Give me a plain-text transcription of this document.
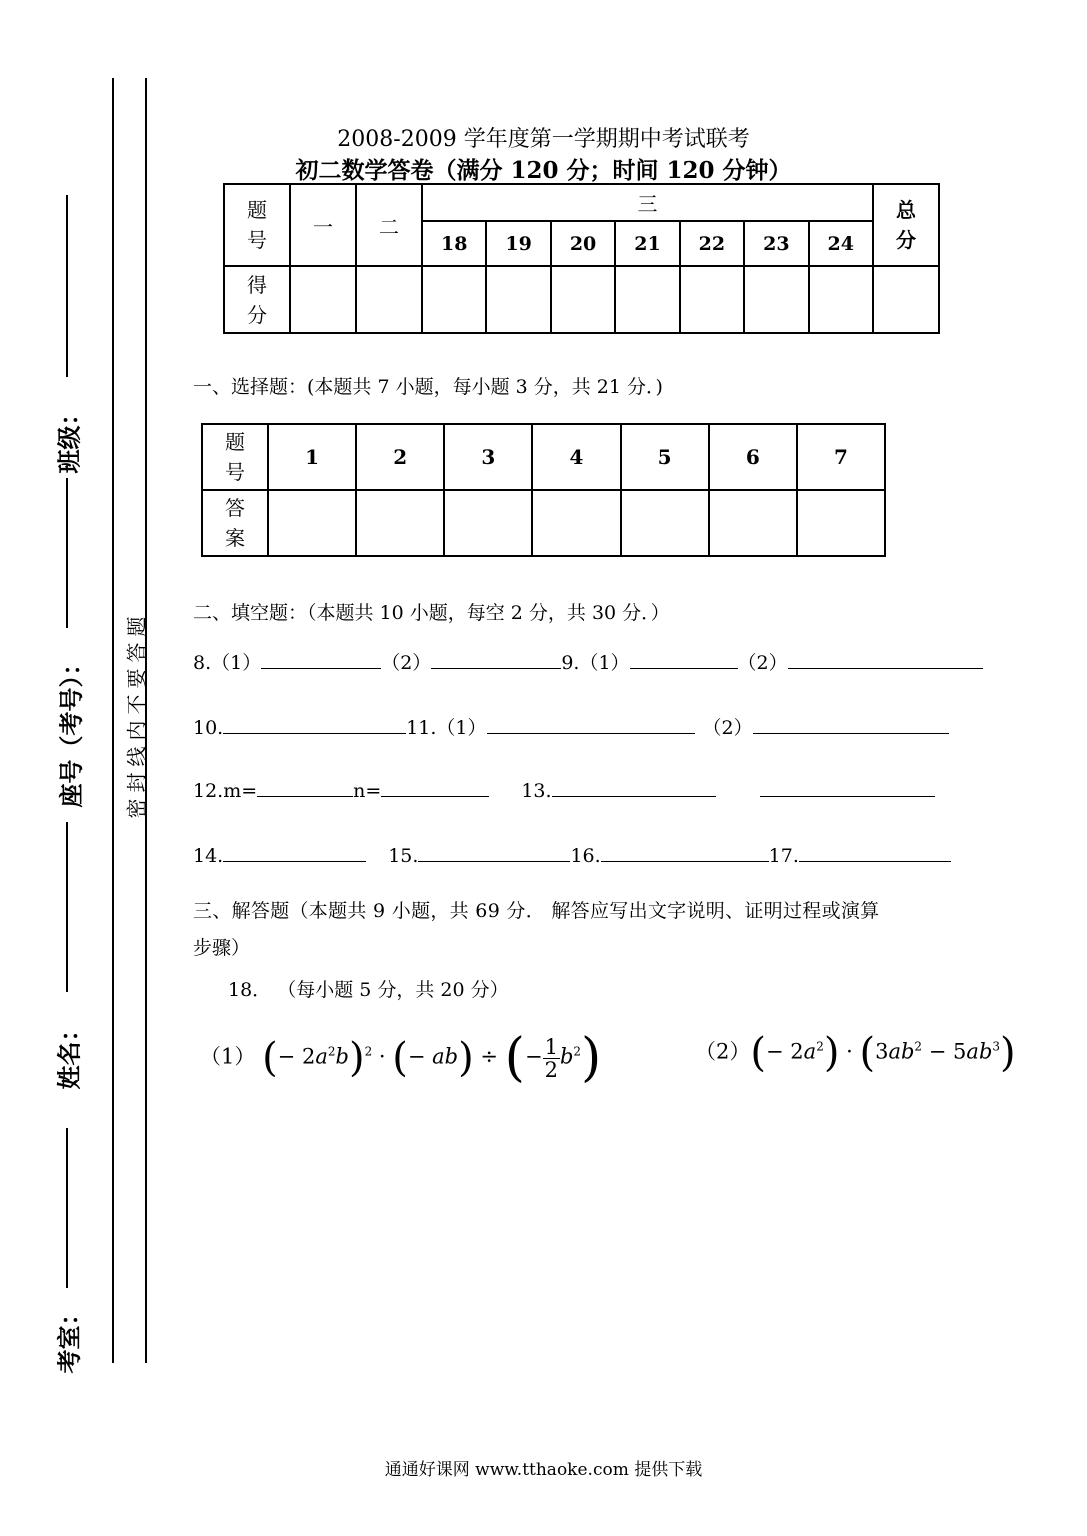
班级：
座号（考号）：
姓名：
考室：
密封线内不要答题
2008-2009 学年度第一学期期中考试联考
初二数学答卷（满分 120 分；时间 120 分钟）
题号	一	二	三							总分
			18	19	20	21	22	23	24	
得分										
一、选择题：(本题共 7 小题，每小题 3 分，共 21 分．)
题号	1	2	3	4	5	6	7
答案							
二、填空题：（本题共 10 小题，每空 2 分，共 30 分．）
8.（1）	（2）	9.（1）	（2）
10.	11.（1）	（2）
12.m=	n=	13.
14.	15.	16.	17.
三、解答题（本题共 9 小题，共 69 分． 解答应写出文字说明、证明过程或演算
步骤）
18． （每小题 5 分，共 20 分）
（1） (− $2a^2b)^2$ · (− ab) ÷ (− $\frac{1}{2} b^2$)	$(2)(- 2a^2) \cdot (3ab^2 - 5ab^3)$
通通好课网 www.tthaoke.com 提供下载
